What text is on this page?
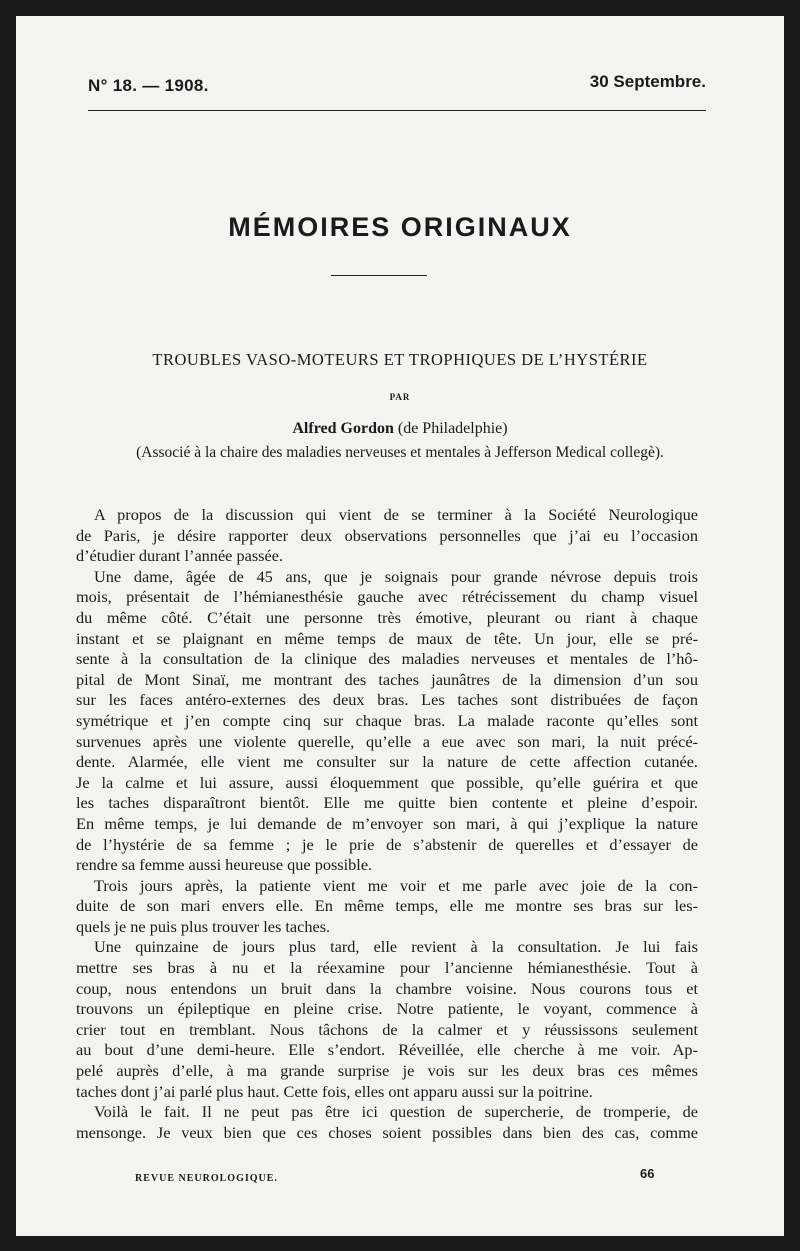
N° 18. — 1908.	30 Septembre.
MÉMOIRES ORIGINAUX
TROUBLES VASO-MOTEURS ET TROPHIQUES DE L’HYSTÉRIE
PAR
Alfred Gordon (de Philadelphie)
(Associé à la chaire des maladies nerveuses et mentales à Jefferson Medical collegè).

A propos de la discussion qui vient de se terminer à la Société Neurologique
de Paris, je désire rapporter deux observations personnelles que j’ai eu l’occasion
d’étudier durant l’année passée.

Une dame, âgée de 45 ans, que je soignais pour grande névrose depuis trois
mois, présentait de l’hémianesthésie gauche avec rétrécissement du champ visuel
du même côté. C’était une personne très émotive, pleurant ou riant à chaque
instant et se plaignant en même temps de maux de tête. Un jour, elle se pré-
sente à la consultation de la clinique des maladies nerveuses et mentales de l’hô-
pital de Mont Sinaï, me montrant des taches jaunâtres de la dimension d’un sou
sur les faces antéro-externes des deux bras. Les taches sont distribuées de façon
symétrique et j’en compte cinq sur chaque bras. La malade raconte qu’elles sont
survenues après une violente querelle, qu’elle a eue avec son mari, la nuit précé-
dente. Alarmée, elle vient me consulter sur la nature de cette affection cutanée.
Je la calme et lui assure, aussi éloquemment que possible, qu’elle guérira et que
les taches disparaîtront bientôt. Elle me quitte bien contente et pleine d’espoir.
En même temps, je lui demande de m’envoyer son mari, à qui j’explique la nature
de l’hystérie de sa femme ; je le prie de s’abstenir de querelles et d’essayer de
rendre sa femme aussi heureuse que possible.

Trois jours après, la patiente vient me voir et me parle avec joie de la con-
duite de son mari envers elle. En même temps, elle me montre ses bras sur les-
quels je ne puis plus trouver les taches.

Une quinzaine de jours plus tard, elle revient à la consultation. Je lui fais
mettre ses bras à nu et la réexamine pour l’ancienne hémianesthésie. Tout à
coup, nous entendons un bruit dans la chambre voisine. Nous courons tous et
trouvons un épileptique en pleine crise. Notre patiente, le voyant, commence à
crier tout en tremblant. Nous tâchons de la calmer et y réussissons seulement
au bout d’une demi-heure. Elle s’endort. Réveillée, elle cherche à me voir. Ap-
pelé auprès d’elle, à ma grande surprise je vois sur les deux bras ces mêmes
taches dont j’ai parlé plus haut. Cette fois, elles ont apparu aussi sur la poitrine.

Voilà le fait. Il ne peut pas être ici question de supercherie, de tromperie, de
mensonge. Je veux bien que ces choses soient possibles dans bien des cas, comme

REVUE NEUROLOGIQUE.	66
